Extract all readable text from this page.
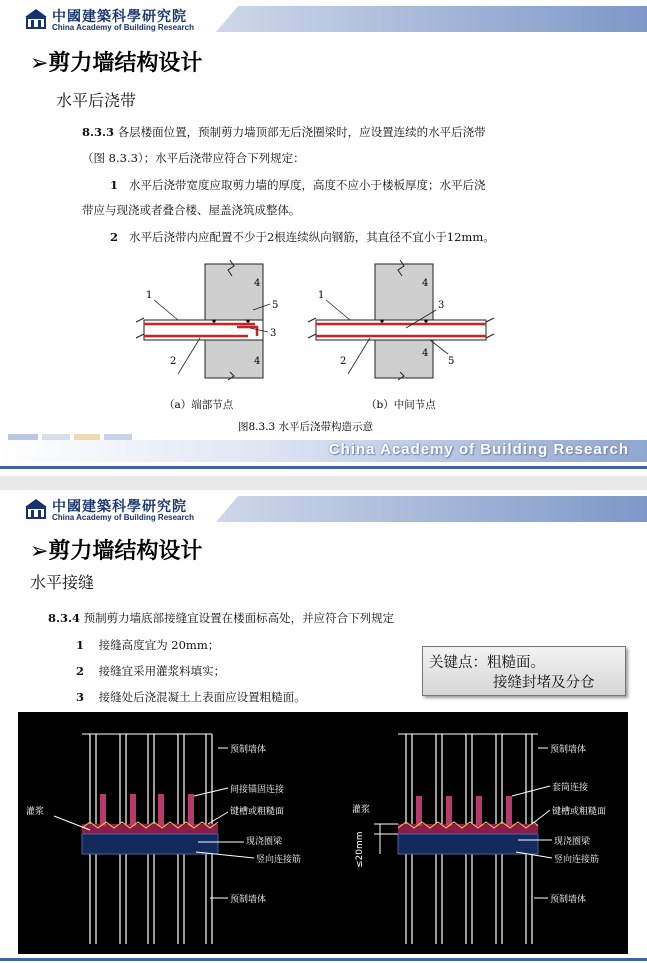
中國建築科學研究院
China Academy of Building Research
➢剪力墙结构设计
水平后浇带
8.3.3 各层楼面位置，预制剪力墙顶部无后浇圈梁时，应设置连续的水平后浇带
（图 8.3.3）；水平后浇带应符合下列规定：
1 水平后浇带宽度应取剪力墙的厚度，高度不应小于楼板厚度；水平后浇
带应与现浇或者叠合楼、屋盖浇筑成整体。
2 水平后浇带内应配置不少于2根连续纵向钢筋，其直径不宜小于12mm。
1
2
3
4
4
5
（a）端部节点
1
2
3
4
4
5
（b）中间节点
图8.3.3 水平后浇带构造示意
China Academy of Building Research
中國建築科學研究院
China Academy of Building Research
➢剪力墙结构设计
水平接缝
8.3.4 预制剪力墙底部接缝宜设置在楼面标高处，并应符合下列规定
1 接缝高度宜为 20mm；
2 接缝宜采用灌浆料填实；
3 接缝处后浇混凝土上表面应设置粗糙面。
关键点：粗糙面。
接缝封堵及分仓
灌浆
预制墙体
间接锚固连接
键槽或粗糙面
现浇圈梁
竖向连接筋
预制墙体
灌浆
≤20mm
预制墙体
套筒连接
键槽或粗糙面
现浇圈梁
竖向连接筋
预制墙体
